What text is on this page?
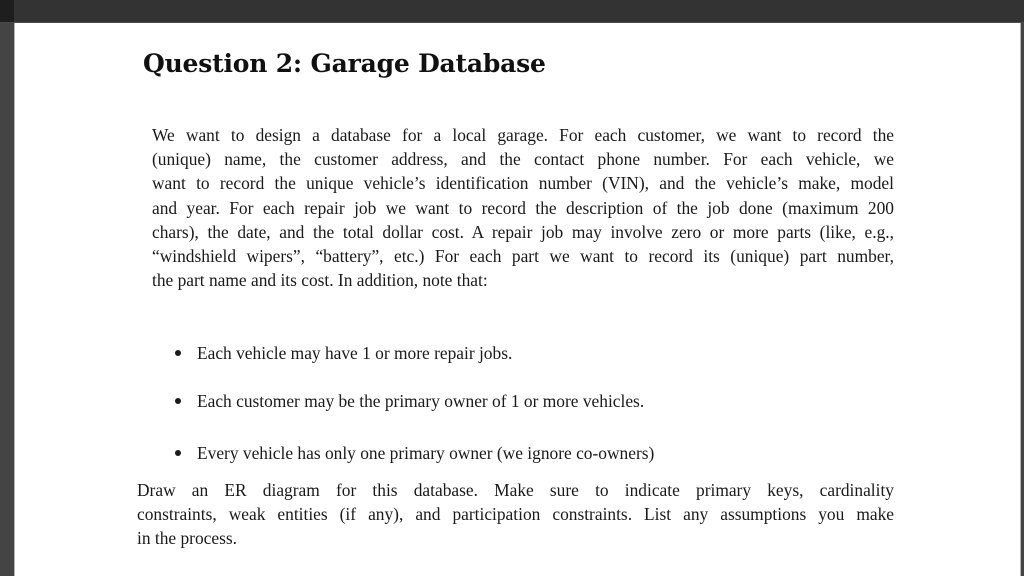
Question 2: Garage Database

We want to design a database for a local garage. For each customer, we want to record the
(unique) name, the customer address, and the contact phone number. For each vehicle, we
want to record the unique vehicle’s identification number (VIN), and the vehicle’s make, model
and year. For each repair job we want to record the description of the job done (maximum 200
chars), the date, and the total dollar cost. A repair job may involve zero or more parts (like, e.g.,
“windshield wipers”, “battery”, etc.) For each part we want to record its (unique) part number,
the part name and its cost. In addition, note that:

Each vehicle may have 1 or more repair jobs.
Each customer may be the primary owner of 1 or more vehicles.
Every vehicle has only one primary owner (we ignore co-owners)

Draw an ER diagram for this database. Make sure to indicate primary keys, cardinality
constraints, weak entities (if any), and participation constraints. List any assumptions you make
in the process.
